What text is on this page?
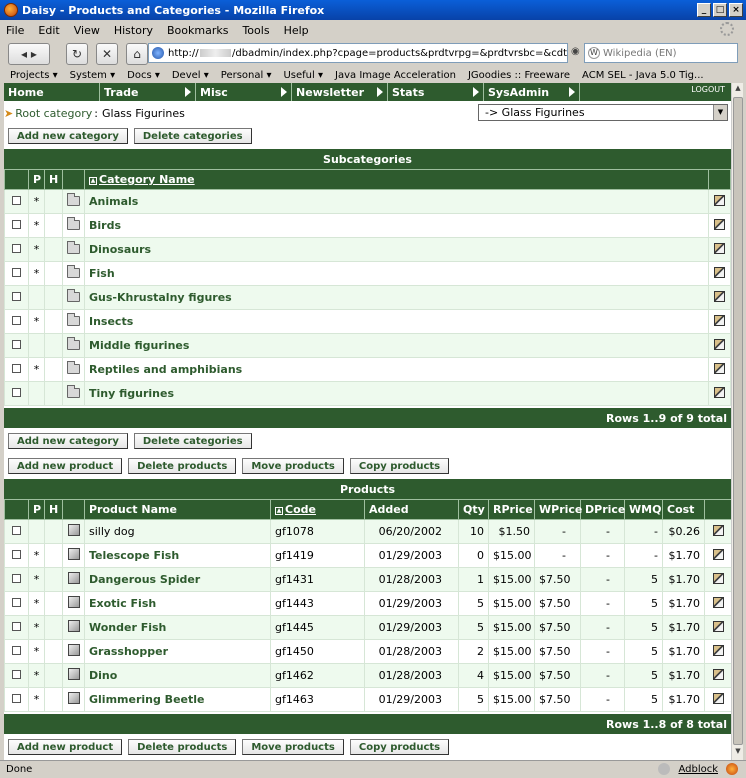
Daisy - Products and Categories - Mozilla Firefox	_	□ ×
File Edit View History Bookmarks Tools Help
◂
▸	↻ ✕ ⌂	http://	/dbadmin/index.php?cpage=products&prdtvrpg=&prdtvrsbc=&cdt ◉ W Wikipedia (EN)
Projects ▾ System ▾ Docs ▾ Devel ▾ Personal ▾ Useful ▾ Java Image Acceleration JGoodies :: Freeware ACM SEL - Java 5.0 Tig...
Home	Trade	Misc	Newsletter	Stats	SysAdmin	LOGOUT
➤ Root category : Glass Figurines	-> Glass Figurines	▼
Add new category	Delete categories
Subcategories
	P	H		▲ Category Name	
	*			Animals	
	*			Birds	
	*			Dinosaurs	
	*			Fish	
				Gus-Khrustalny figures	
	*			Insects	
				Middle figurines	
	*			Reptiles and amphibians	
				Tiny figurines	
Rows 1..9 of 9 total
Add new category	Delete categories
Add new product	Delete products	Move products	Copy products
Products
	P	H		Product Name	▲ Code	Added	Qty	RPrice	WPrice	DPrice	WMQ	Cost	
				silly dog	gf1078	06/20/2002	10	$1.50	-	-	-	$0.26	
	*			Telescope Fish	gf1419	01/29/2003	0	$15.00	-	-	-	$1.70	
	*			Dangerous Spider	gf1431	01/28/2003	1	$15.00	$7.50	-	5	$1.70	
	*			Exotic Fish	gf1443	01/29/2003	5	$15.00	$7.50	-	5	$1.70	
	*			Wonder Fish	gf1445	01/29/2003	5	$15.00	$7.50	-	5	$1.70	
	*			Grasshopper	gf1450	01/28/2003	2	$15.00	$7.50	-	5	$1.70	
	*			Dino	gf1462	01/28/2003	4	$15.00	$7.50	-	5	$1.70	
	*			Glimmering Beetle	gf1463	01/29/2003	5	$15.00	$7.50	-	5	$1.70	
Rows 1..8 of 8 total
Add new product	Delete products	Move products	Copy products
▲
▼
Done	Adblock
